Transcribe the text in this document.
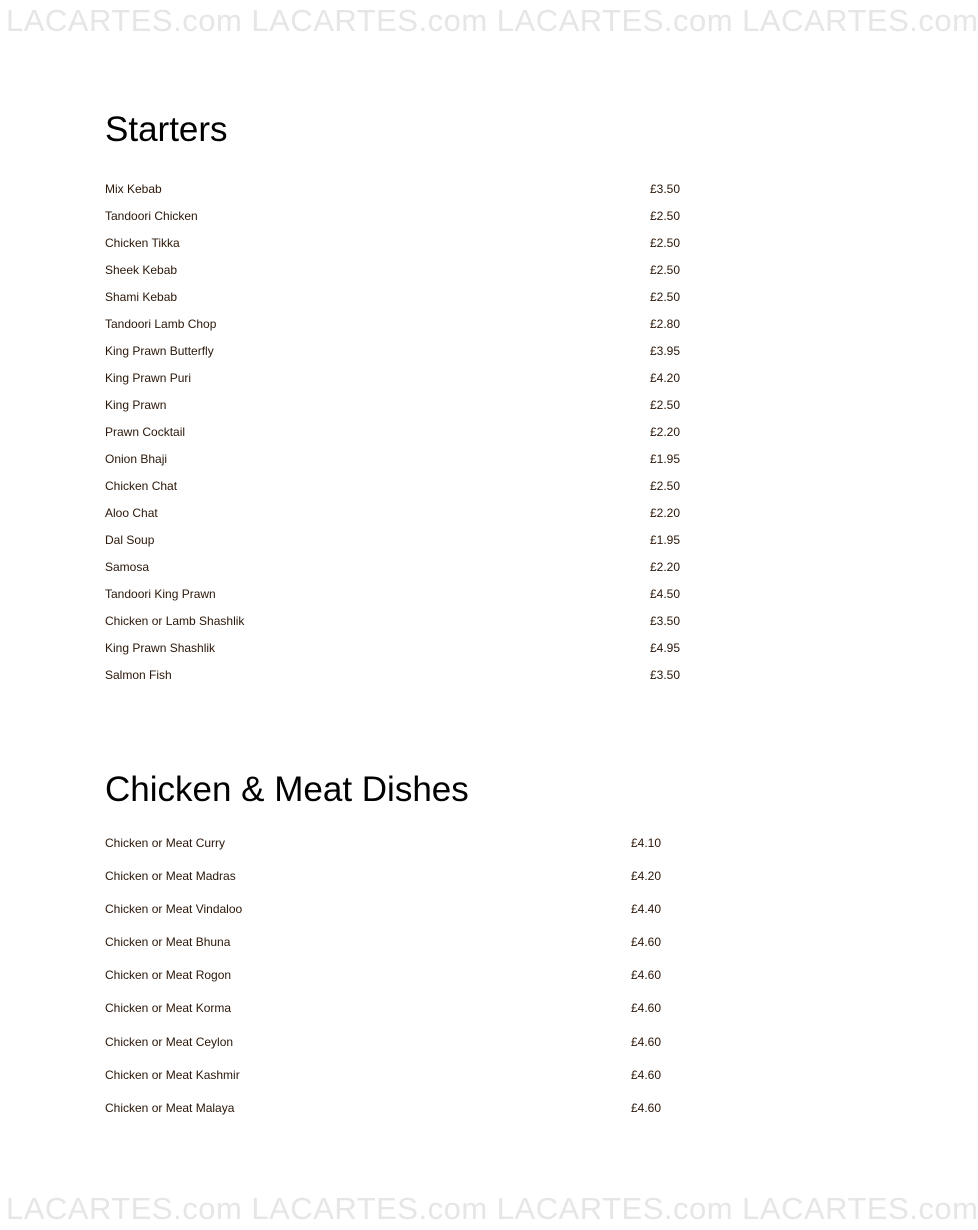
LACARTES.com LACARTES.com LACARTES.com LACARTES.com
Starters
Mix Kebab	£3.50
Tandoori Chicken	£2.50
Chicken Tikka	£2.50
Sheek Kebab	£2.50
Shami Kebab	£2.50
Tandoori Lamb Chop	£2.80
King Prawn Butterfly	£3.95
King Prawn Puri	£4.20
King Prawn	£2.50
Prawn Cocktail	£2.20
Onion Bhaji	£1.95
Chicken Chat	£2.50
Aloo Chat	£2.20
Dal Soup	£1.95
Samosa	£2.20
Tandoori King Prawn	£4.50
Chicken or Lamb Shashlik	£3.50
King Prawn Shashlik	£4.95
Salmon Fish	£3.50
Chicken & Meat Dishes
Chicken or Meat Curry	£4.10
Chicken or Meat Madras	£4.20
Chicken or Meat Vindaloo	£4.40
Chicken or Meat Bhuna	£4.60
Chicken or Meat Rogon	£4.60
Chicken or Meat Korma	£4.60
Chicken or Meat Ceylon	£4.60
Chicken or Meat Kashmir	£4.60
Chicken or Meat Malaya	£4.60
LACARTES.com LACARTES.com LACARTES.com LACARTES.com
